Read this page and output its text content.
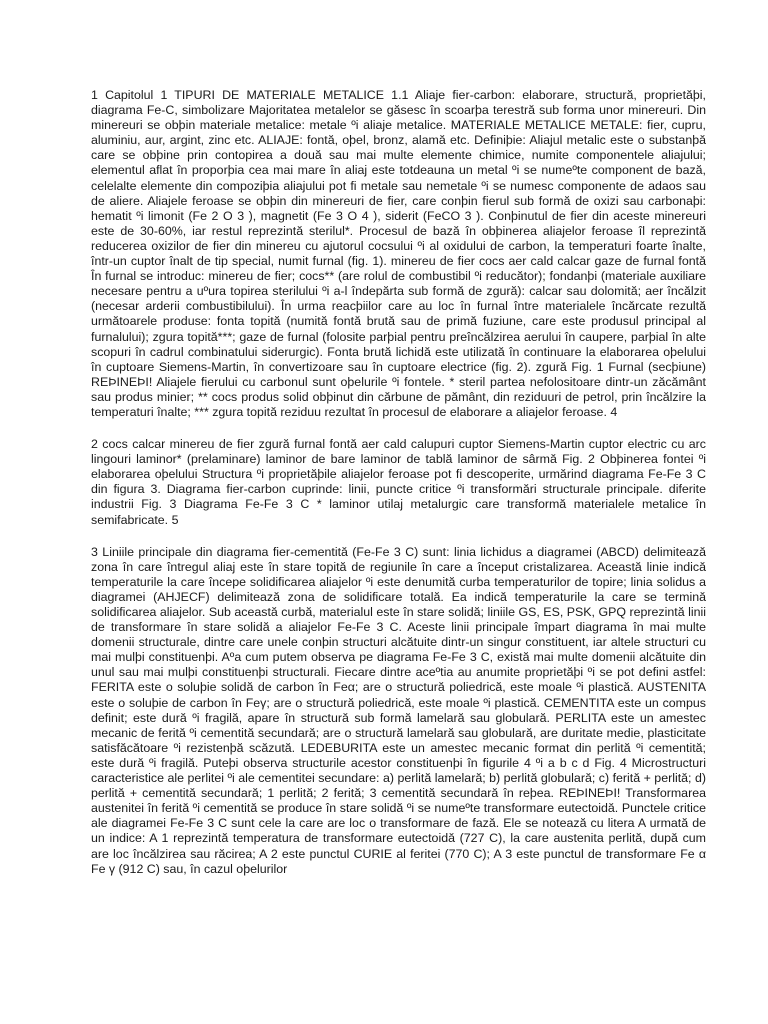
1 Capitolul 1 TIPURI DE MATERIALE METALICE 1.1 Aliaje fier-carbon: elaborare, structură, proprietăþi, diagrama Fe-C, simbolizare Majoritatea metalelor se găsesc în scoarþa terestră sub forma unor minereuri. Din minereuri se obþin materiale metalice: metale ºi aliaje metalice. MATERIALE METALICE METALE: fier, cupru, aluminiu, aur, argint, zinc etc. ALIAJE: fontă, oþel, bronz, alamă etc. Definiþie: Aliajul metalic este o substanþă care se obþine prin contopirea a două sau mai multe elemente chimice, numite componentele aliajului; elementul aflat în proporþia cea mai mare în aliaj este totdeauna un metal ºi se numeºte component de bază, celelalte elemente din compoziþia aliajului pot fi metale sau nemetale ºi se numesc componente de adaos sau de aliere. Aliajele feroase se obþin din minereuri de fier, care conþin fierul sub formă de oxizi sau carbonaþi: hematit ºi limonit (Fe 2 O 3 ), magnetit (Fe 3 O 4 ), siderit (FeCO 3 ). Conþinutul de fier din aceste minereuri este de 30-60%, iar restul reprezintă sterilul*. Procesul de bază în obþinerea aliajelor feroase îl reprezintă reducerea oxizilor de fier din minereu cu ajutorul cocsului ºi al oxidului de carbon, la temperaturi foarte înalte, într-un cuptor înalt de tip special, numit furnal (fig. 1). minereu de fier cocs aer cald calcar gaze de furnal fontă În furnal se introduc: minereu de fier; cocs** (are rolul de combustibil ºi reducător); fondanþi (materiale auxiliare necesare pentru a uºura topirea sterilului ºi a-l îndepărta sub formă de zgură): calcar sau dolomită; aer încălzit (necesar arderii combustibilului). În urma reacþiilor care au loc în furnal între materialele încărcate rezultă următoarele produse: fonta topită (numită fontă brută sau de primă fuziune, care este produsul principal al furnalului); zgura topită***; gaze de furnal (folosite parþial pentru preîncălzirea aerului în caupere, parþial în alte scopuri în cadrul combinatului siderurgic). Fonta brută lichidă este utilizată în continuare la elaborarea oþelului în cuptoare Siemens-Martin, în convertizoare sau în cuptoare electrice (fig. 2). zgură Fig. 1 Furnal (secþiune) REÞINEÞI! Aliajele fierului cu carbonul sunt oþelurile ºi fontele. * steril partea nefolositoare dintr-un zăcământ sau produs minier; ** cocs produs solid obþinut din cărbune de pământ, din reziduuri de petrol, prin încălzire la temperaturi înalte; *** zgura topită reziduu rezultat în procesul de elaborare a aliajelor feroase. 4

2 cocs calcar minereu de fier zgură furnal fontă aer cald calupuri cuptor Siemens-Martin cuptor electric cu arc lingouri laminor* (prelaminare) laminor de bare laminor de tablă laminor de sârmă Fig. 2 Obþinerea fontei ºi elaborarea oþelului Structura ºi proprietăþile aliajelor feroase pot fi descoperite, urmărind diagrama Fe-Fe 3 C din figura 3. Diagrama fier-carbon cuprinde: linii, puncte critice ºi transformări structurale principale. diferite industrii Fig. 3 Diagrama Fe-Fe 3 C * laminor utilaj metalurgic care transformă materialele metalice în semifabricate. 5

3 Liniile principale din diagrama fier-cementită (Fe-Fe 3 C) sunt: linia lichidus a diagramei (ABCD) delimitează zona în care întregul aliaj este în stare topită de regiunile în care a început cristalizarea. Această linie indică temperaturile la care începe solidificarea aliajelor ºi este denumită curba temperaturilor de topire; linia solidus a diagramei (AHJECF) delimitează zona de solidificare totală. Ea indică temperaturile la care se termină solidificarea aliajelor. Sub această curbă, materialul este în stare solidă; liniile GS, ES, PSK, GPQ reprezintă linii de transformare în stare solidă a aliajelor Fe-Fe 3 C. Aceste linii principale împart diagrama în mai multe domenii structurale, dintre care unele conþin structuri alcătuite dintr-un singur constituent, iar altele structuri cu mai mulþi constituenþi. Aºa cum putem observa pe diagrama Fe-Fe 3 C, există mai multe domenii alcătuite din unul sau mai mulþi constituenþi structurali. Fiecare dintre aceºtia au anumite proprietăþi ºi se pot defini astfel: FERITA este o soluþie solidă de carbon în Feα; are o structură poliedrică, este moale ºi plastică. AUSTENITA este o soluþie de carbon în Feγ; are o structură poliedrică, este moale ºi plastică. CEMENTITA este un compus definit; este dură ºi fragilă, apare în structură sub formă lamelară sau globulară. PERLITA este un amestec mecanic de ferită ºi cementită secundară; are o structură lamelară sau globulară, are duritate medie, plasticitate satisfăcătoare ºi rezistenþă scăzută. LEDEBURITA este un amestec mecanic format din perlită ºi cementită; este dură ºi fragilă. Puteþi observa structurile acestor constituenþi în figurile 4 ºi a b c d Fig. 4 Microstructuri caracteristice ale perlitei ºi ale cementitei secundare: a) perlită lamelară; b) perlită globulară; c) ferită + perlită; d) perlită + cementită secundară; 1 perlită; 2 ferită; 3 cementită secundară în reþea. REÞINEÞI! Transformarea austenitei în ferită ºi cementită se produce în stare solidă ºi se numeºte transformare eutectoidă. Punctele critice ale diagramei Fe-Fe 3 C sunt cele la care are loc o transformare de fază. Ele se notează cu litera A urmată de un indice: A 1 reprezintă temperatura de transformare eutectoidă (727 C), la care austenita perlită, după cum are loc încălzirea sau răcirea; A 2 este punctul CURIE al feritei (770 C); A 3 este punctul de transformare Fe α Fe γ (912 C) sau, în cazul oþelurilor
